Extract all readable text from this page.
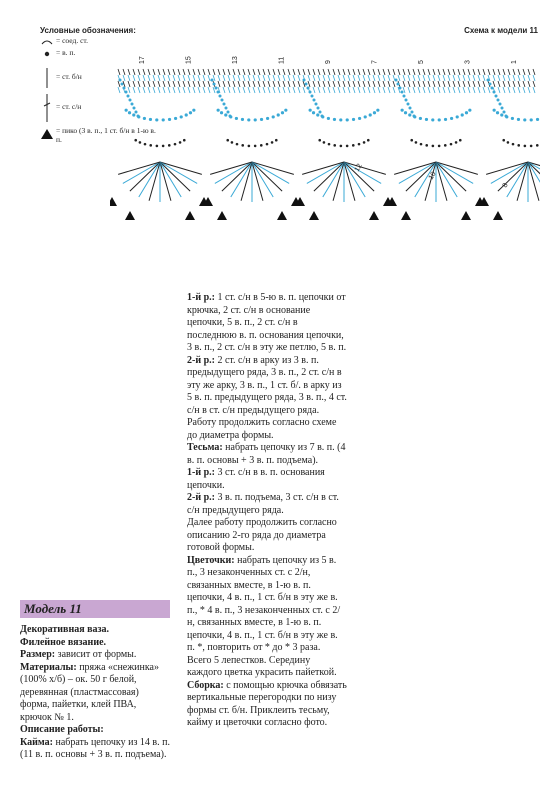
Условные обозначения:
= соед. ст.
= в. п.
= ст. б/н
= ст. с/н
= пико (3 в. п., 1 ст. б/н в 1-ю в. п.
Схема к модели 11
17	15	13	11	9	7	5	3	1
12
10
8
Модель 11

Декоративная ваза.

Филейное вязание.

Размер: зависит от формы.

Материалы: пряжа «снежинка» (100% х/б) – ок. 50 г белой, деревянная (пластмассовая) форма, пайетки, клей ПВА, крючок № 1.

Описание работы:

Кайма: набрать цепочку из 14 в. п. (11 в. п. основы + 3 в. п. подъема).

1-й р.: 1 ст. с/н в 5-ю в. п. цепочки от крючка, 2 ст. с/н в основание цепочки, 5 в. п., 2 ст. с/н в последнюю в. п. основания цепочки, 3 в. п., 2 ст. с/н в эту же петлю, 5 в. п.

2-й р.: 2 ст. с/н в арку из 3 в. п. предыдущего ряда, 3 в. п., 2 ст. с/н в эту же арку, 3 в. п., 1 ст. б/. в арку из 5 в. п. предыдущего ряда, 3 в. п., 4 ст. с/н в ст. с/н предыдущего ряда.

Работу продолжить согласно схеме до диаметра формы.

Тесьма: набрать цепочку из 7 в. п. (4 в. п. основы + 3 в. п. подъема).

1-й р.: 3 ст. с/н в в. п. основания цепочки.

2-й р.: 3 в. п. подъема, 3 ст. с/н в ст. с/н предыдущего ряда.

Далее работу продолжить согласно описанию 2-го ряда до диаметра готовой формы.

Цветочки: набрать цепочку из 5 в. п., 3 незаконченных ст. с 2/н, связанных вместе, в 1-ю в. п. цепочки, 4 в. п., 1 ст. б/н в эту же в. п., * 4 в. п., 3 незаконченных ст. с 2/н, связанных вместе, в 1-ю в. п. цепочки, 4 в. п., 1 ст. б/н в эту же в. п. *, повторить от * до * 3 раза. Всего 5 лепестков. Середину каждого цветка украсить пайеткой.

Сборка: с помощью крючка обвязать вертикальные перегородки по низу формы ст. б/н. Приклеить тесьму, кайму и цветочки согласно фото.
